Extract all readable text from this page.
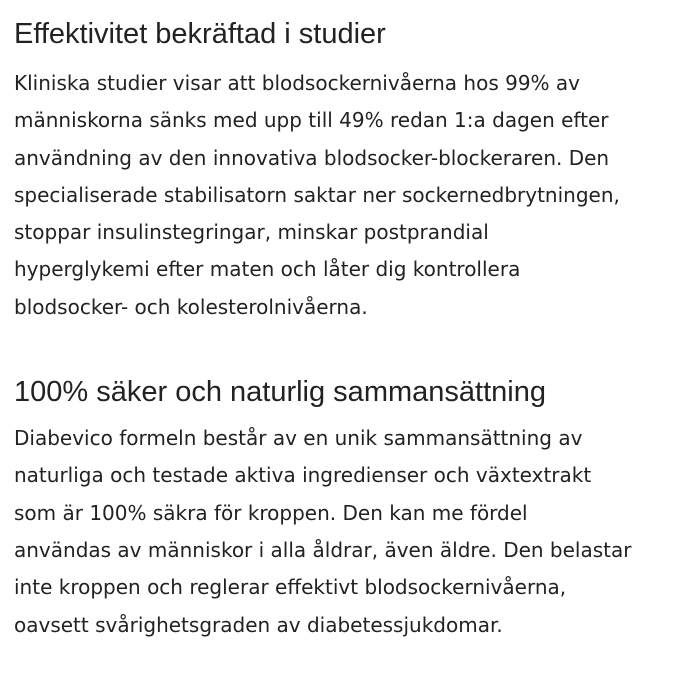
Effektivitet bekräftad i studier

Kliniska studier visar att blodsockernivåerna hos 99% av
människorna sänks med upp till 49% redan 1:a dagen efter
användning av den innovativa blodsocker-blockeraren. Den
specialiserade stabilisatorn saktar ner sockernedbrytningen,
stoppar insulinstegringar, minskar postprandial
hyperglykemi efter maten och låter dig kontrollera
blodsocker- och kolesterolnivåerna.

100% säker och naturlig sammansättning

Diabevico formeln består av en unik sammansättning av
naturliga och testade aktiva ingredienser och växtextrakt
som är 100% säkra för kroppen. Den kan me fördel
användas av människor i alla åldrar, även äldre. Den belastar
inte kroppen och reglerar effektivt blodsockernivåerna,
oavsett svårighetsgraden av diabetessjukdomar.
